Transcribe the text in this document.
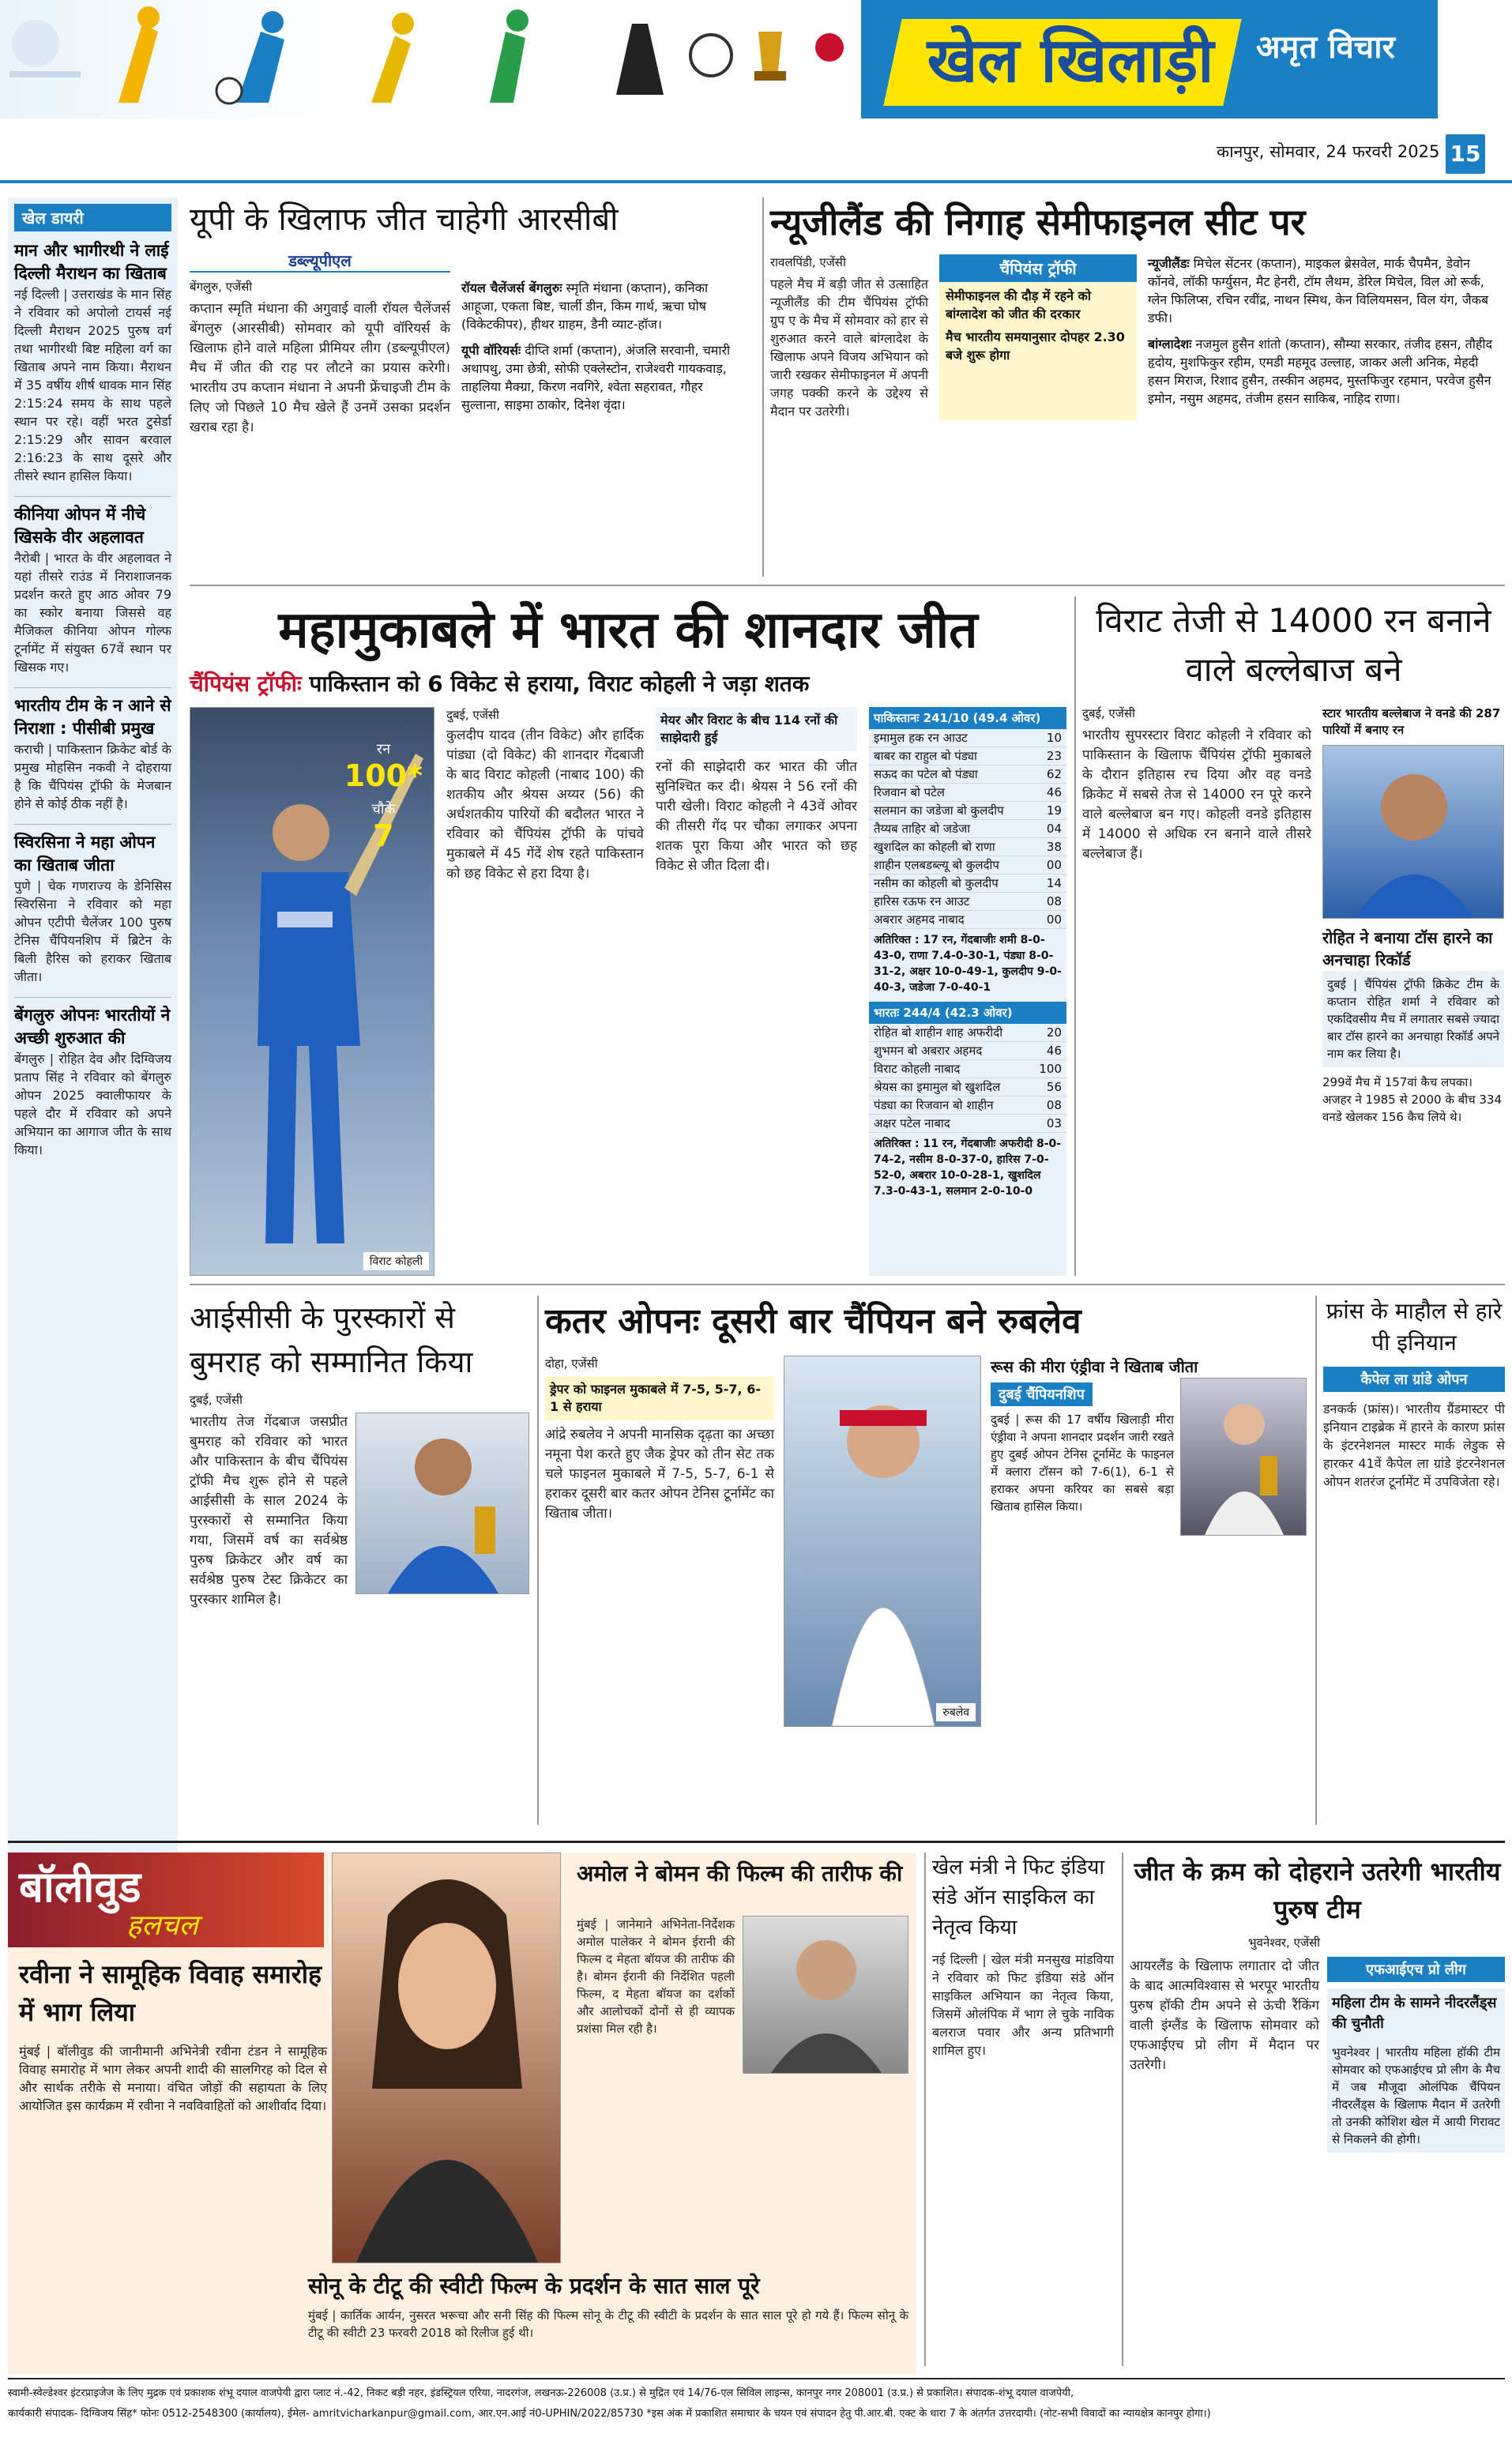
खेल खिलाड़ी	अमृत विचार
कानपुर, सोमवार, 24 फरवरी 2025 15
खेल डायरी
मान और भागीरथी ने लाई दिल्ली मैराथन का खिताब
नई दिल्ली | उत्तराखंड के मान सिंह ने रविवार को अपोलो टायर्स नई दिल्ली मैराथन 2025 पुरुष वर्ग तथा भागीरथी बिष्ट महिला वर्ग का खिताब अपने नाम किया। मैराथन में 35 वर्षीय शीर्ष धावक मान सिंह 2:15:24 समय के साथ पहले स्थान पर रहे। वहीं भरत टुसेर्डा 2:15:29 और सावन बरवाल 2:16:23 के साथ दूसरे और तीसरे स्थान हासिल किया।
कीनिया ओपन में नीचे खिसके वीर अहलावत
नैरोबी | भारत के वीर अहलावत ने यहां तीसरे राउंड में निराशाजनक प्रदर्शन करते हुए आठ ओवर 79 का स्कोर बनाया जिससे वह मैजिकल कीनिया ओपन गोल्फ टूर्नामेंट में संयुक्त 67वें स्थान पर खिसक गए।
भारतीय टीम के न आने से निराशा : पीसीबी प्रमुख
कराची | पाकिस्तान क्रिकेट बोर्ड के प्रमुख मोहसिन नकवी ने दोहराया है कि चैंपियंस ट्रॉफी के मेजबान होने से कोई ठीक नहीं है।
स्विरसिना ने महा ओपन का खिताब जीता
पुणे | चेक गणराज्य के डेनिसिस स्विरसिना ने रविवार को महा ओपन एटीपी चैलेंजर 100 पुरुष टेनिस चैंपियनशिप में ब्रिटेन के बिली हैरिस को हराकर खिताब जीता।
बेंगलुरु ओपनः भारतीयों ने अच्छी शुरुआत की
बेंगलुरु | रोहित देव और दिग्विजय प्रताप सिंह ने रविवार को बेंगलुरु ओपन 2025 क्वालीफायर के पहले दौर में रविवार को अपने अभियान का आगाज जीत के साथ किया।
यूपी के खिलाफ जीत चाहेगी आरसीबी
डब्ल्यूपीएल
बेंगलुरु, एजेंसी
कप्तान स्मृति मंधाना की अगुवाई वाली रॉयल चैलेंजर्स बेंगलुरु (आरसीबी) सोमवार को यूपी वॉरियर्स के खिलाफ होने वाले महिला प्रीमियर लीग (डब्ल्यूपीएल) मैच में जीत की राह पर लौटने का प्रयास करेगी। भारतीय उप कप्तान मंधाना ने अपनी फ्रेंचाइजी टीम के लिए जो पिछले 10 मैच खेले हैं उनमें उसका प्रदर्शन खराब रहा है।
रॉयल चैलेंजर्स बेंगलुरुः स्मृति मंधाना (कप्तान), कनिका आहूजा, एकता बिष्ट, चार्ली डीन, किम गार्थ, ऋचा घोष (विकेटकीपर), हीथर ग्राहम, डैनी व्याट-हॉज।
यूपी वॉरियर्सः दीप्ति शर्मा (कप्तान), अंजलि सरवानी, चमारी अथापथु, उमा छेत्री, सोफी एक्लेस्टोन, राजेश्वरी गायकवाड़, ताहलिया मैक्ग्रा, किरण नवगिरे, श्वेता सहरावत, गौहर सुल्ताना, साइमा ठाकोर, दिनेश वृंदा।
न्यूजीलैंड की निगाह सेमीफाइनल सीट पर
रावलपिंडी, एजेंसी
पहले मैच में बड़ी जीत से उत्साहित न्यूजीलैंड की टीम चैंपियंस ट्रॉफी ग्रुप ए के मैच में सोमवार को हार से शुरुआत करने वाले बांग्लादेश के खिलाफ अपने विजय अभियान को जारी रखकर सेमीफाइनल में अपनी जगह पक्की करने के उद्देश्य से मैदान पर उतरेगी।
चैंपियंस ट्रॉफी
सेमीफाइनल की दौड़ में रहने को बांग्लादेश को जीत की दरकार
मैच भारतीय समयानुसार दोपहर 2.30 बजे शुरू होगा
न्यूजीलैंडः मिचेल सेंटनर (कप्तान), माइकल ब्रेसवेल, मार्क चैपमैन, डेवोन कॉनवे, लॉकी फर्ग्युसन, मैट हेनरी, टॉम लैथम, डेरिल मिचेल, विल ओ रूर्क, ग्लेन फिलिप्स, रचिन रवींद्र, नाथन स्मिथ, केन विलियमसन, विल यंग, जैकब डफी।
बांग्लादेशः नजमुल हुसैन शांतो (कप्तान), सौम्या सरकार, तंजीद हसन, तौहीद हृदोय, मुशफिकुर रहीम, एमडी महमूद उल्लाह, जाकर अली अनिक, मेहदी हसन मिराज, रिशाद हुसैन, तस्कीन अहमद, मुस्तफिजुर रहमान, परवेज हुसैन इमोन, नसुम अहमद, तंजीम हसन साकिब, नाहिद राणा।
महामुकाबले में भारत की शानदार जीत
चैंपियंस ट्रॉफीः पाकिस्तान को 6 विकेट से हराया, विराट कोहली ने जड़ा शतक
रन
100*
चौके
7
विराट कोहली
दुबई, एजेंसी
कुलदीप यादव (तीन विकेट) और हार्दिक पांड्या (दो विकेट) की शानदार गेंदबाजी के बाद विराट कोहली (नाबाद 100) की शतकीय और श्रेयस अय्यर (56) की अर्धशतकीय पारियों की बदौलत भारत ने रविवार को चैंपियंस ट्रॉफी के पांचवे मुकाबले में 45 गेंदें शेष रहते पाकिस्तान को छह विकेट से हरा दिया है।
मेयर और विराट के बीच 114 रनों की साझेदारी हुई
रनों की साझेदारी कर भारत की जीत सुनिश्चित कर दी। श्रेयस ने 56 रनों की पारी खेली। विराट कोहली ने 43वें ओवर की तीसरी गेंद पर चौका लगाकर अपना शतक पूरा किया और भारत को छह विकेट से जीत दिला दी।
पाकिस्तानः 241/10 (49.4 ओवर)
इमामुल हक रन आउट	10
बाबर का राहुल बो पंड्या	23
सऊद का पटेल बो पंड्या	62
रिजवान बो पटेल	46
सलमान का जडेजा बो कुलदीप	19
तैय्यब ताहिर बो जडेजा	04
खुशदिल का कोहली बो राणा	38
शाहीन एलबडब्ल्यू बो कुलदीप	00
नसीम का कोहली बो कुलदीप	14
हारिस रऊफ रन आउट	08
अबरार अहमद नाबाद	00
अतिरिक्त : 17 रन, गेंदबाजीः शमी 8-0-43-0, राणा 7.4-0-30-1, पंड्या 8-0-31-2, अक्षर 10-0-49-1, कुलदीप 9-0-40-3, जडेजा 7-0-40-1
भारतः 244/4 (42.3 ओवर)
रोहित बो शाहीन शाह अफरीदी	20
शुभमन बो अबरार अहमद	46
विराट कोहली नाबाद	100
श्रेयस का इमामुल बो खुशदिल	56
पंड्या का रिजवान बो शाहीन	08
अक्षर पटेल नाबाद	03
अतिरिक्त : 11 रन, गेंदबाजीः अफरीदी 8-0-74-2, नसीम 8-0-37-0, हारिस 7-0-52-0, अबरार 10-0-28-1, खुशदिल 7.3-0-43-1, सलमान 2-0-10-0
विराट तेजी से 14000 रन बनाने वाले बल्लेबाज बने
दुबई, एजेंसी
भारतीय सुपरस्टार विराट कोहली ने रविवार को पाकिस्तान के खिलाफ चैंपियंस ट्रॉफी मुकाबले के दौरान इतिहास रच दिया और वह वनडे क्रिकेट में सबसे तेज से 14000 रन पूरे करने वाले बल्लेबाज बन गए। कोहली वनडे इतिहास में 14000 से अधिक रन बनाने वाले तीसरे बल्लेबाज हैं।
स्टार भारतीय बल्लेबाज ने वनडे की 287 पारियों में बनाए रन
रोहित ने बनाया टॉस हारने का अनचाहा रिकॉर्ड
दुबई | चैंपियंस ट्रॉफी क्रिकेट टीम के कप्तान रोहित शर्मा ने रविवार को एकदिवसीय मैच में लगातार सबसे ज्यादा बार टॉस हारने का अनचाहा रिकॉर्ड अपने नाम कर लिया है।
299वें मैच में 157वां कैच लपका। अजहर ने 1985 से 2000 के बीच 334 वनडे खेलकर 156 कैच लिये थे।
आईसीसी के पुरस्कारों से बुमराह को सम्मानित किया
दुबई, एजेंसी
भारतीय तेज गेंदबाज जसप्रीत बुमराह को रविवार को भारत और पाकिस्तान के बीच चैंपियंस ट्रॉफी मैच शुरू होने से पहले आईसीसी के साल 2024 के पुरस्कारों से सम्मानित किया गया, जिसमें वर्ष का सर्वश्रेष्ठ पुरुष क्रिकेटर और वर्ष का सर्वश्रेष्ठ पुरुष टेस्ट क्रिकेटर का पुरस्कार शामिल है।
कतर ओपनः दूसरी बार चैंपियन बने रुबलेव
दोहा, एजेंसी
ड्रेपर को फाइनल मुकाबले में 7-5, 5-7, 6-1 से हराया
आंद्रे रुबलेव ने अपनी मानसिक दृढ़ता का अच्छा नमूना पेश करते हुए जैक ड्रेपर को तीन सेट तक चले फाइनल मुकाबले में 7-5, 5-7, 6-1 से हराकर दूसरी बार कतर ओपन टेनिस टूर्नामेंट का खिताब जीता।
रुबलेव
रूस की मीरा एंड्रीवा ने खिताब जीता
दुबई चैंपियनशिप
दुबई | रूस की 17 वर्षीय खिलाड़ी मीरा एंड्रीवा ने अपना शानदार प्रदर्शन जारी रखते हुए दुबई ओपन टेनिस टूर्नामेंट के फाइनल में क्लारा टॉसन को 7-6(1), 6-1 से हराकर अपना करियर का सबसे बड़ा खिताब हासिल किया।
फ्रांस के माहौल से हारे पी इनियान
कैपेल ला ग्रांडे ओपन
डनकर्क (फ्रांस)। भारतीय ग्रैंडमास्टर पी इनियान टाइब्रेक में हारने के कारण फ्रांस के इंटरनेशनल मास्टर मार्क लेडुक से हारकर 41वें कैपेल ला ग्रांडे इंटरनेशनल ओपन शतरंज टूर्नामेंट में उपविजेता रहे।
बॉलीवुड
हलचल
रवीना ने सामूहिक विवाह समारोह में भाग लिया
मुंबई | बॉलीवुड की जानीमानी अभिनेत्री रवीना टंडन ने सामूहिक विवाह समारोह में भाग लेकर अपनी शादी की सालगिरह को दिल से और सार्थक तरीके से मनाया। वंचित जोड़ों की सहायता के लिए आयोजित इस कार्यक्रम में रवीना ने नवविवाहितों को आशीर्वाद दिया।
अमोल ने बोमन की फिल्म की तारीफ की
मुंबई | जानेमाने अभिनेता-निर्देशक अमोल पालेकर ने बोमन ईरानी की फिल्म द मेहता बॉयज की तारीफ की है। बोमन ईरानी की निर्देशित पहली फिल्म, द मेहता बॉयज का दर्शकों और आलोचकों दोनों से ही व्यापक प्रशंसा मिल रही है।
सोनू के टीटू की स्वीटी फिल्म के प्रदर्शन के सात साल पूरे
मुंबई | कार्तिक आर्यन, नुसरत भरूचा और सनी सिंह की फिल्म सोनू के टीटू की स्वीटी के प्रदर्शन के सात साल पूरे हो गये हैं। फिल्म सोनू के टीटू की स्वीटी 23 फरवरी 2018 को रिलीज हुई थी।
खेल मंत्री ने फिट इंडिया संडे ऑन साइकिल का नेतृत्व किया
नई दिल्ली | खेल मंत्री मनसुख मांडविया ने रविवार को फिट इंडिया संडे ऑन साइकिल अभियान का नेतृत्व किया, जिसमें ओलंपिक में भाग ले चुके नाविक बलराज पवार और अन्य प्रतिभागी शामिल हुए।
जीत के क्रम को दोहराने उतरेगी भारतीय पुरुष टीम
भुवनेश्वर, एजेंसी
आयरलैंड के खिलाफ लगातार दो जीत के बाद आत्मविश्वास से भरपूर भारतीय पुरुष हॉकी टीम अपने से ऊंची रैंकिंग वाली इंग्लैंड के खिलाफ सोमवार को एफआईएच प्रो लीग में मैदान पर उतरेगी।
एफआईएच प्रो लीग
महिला टीम के सामने नीदरलैंड्स की चुनौती
भुवनेश्वर | भारतीय महिला हॉकी टीम सोमवार को एफआईएच प्रो लीग के मैच में जब मौजूदा ओलंपिक चैंपियन नीदरलैंड्स के खिलाफ मैदान में उतरेगी तो उनकी कोशिश खेल में आयी गिरावट से निकलने की होगी।
स्वामी-स्वेल्डेश्वर इंटरप्राइजेज के लिए मुद्रक एवं प्रकाशक शंभू दयाल वाजपेयी द्वारा प्लाट नं.-42, निकट बड़ी नहर, इंडस्ट्रियल एरिया, नादरगंज, लखनऊ-226008 (उ.प्र.) से मुद्रित एवं 14/76-एल सिविल लाइन्स, कानपुर नगर 208001 (उ.प्र.) से प्रकाशित। संपादक-शंभू दयाल वाजपेयी,
कार्यकारी संपादक- दिग्विजय सिंह* फोनः 0512-2548300 (कार्यालय), ईमेल- amritvicharkanpur@gmail.com, आर.एन.आई नं0-UPHIN/2022/85730 *इस अंक में प्रकाशित समाचार के चयन एवं संपादन हेतु पी.आर.बी. एक्ट के धारा 7 के अंतर्गत उत्तरदायी। (नोट-सभी विवादों का न्यायक्षेत्र कानपुर होगा।)
